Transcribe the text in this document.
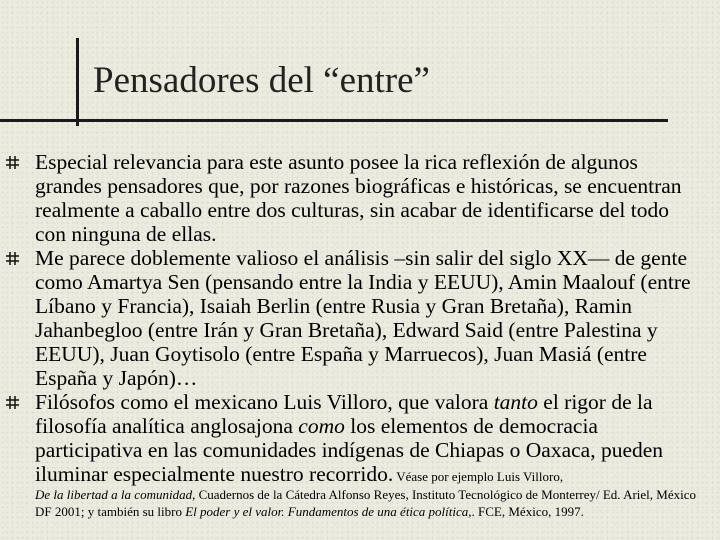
Pensadores del “entre”
Especial relevancia para este asunto posee la rica reflexión de algunos grandes pensadores que, por razones biográficas e históricas, se encuentran realmente a caballo entre dos culturas, sin acabar de identificarse del todo con ninguna de ellas.
Me parece doblemente valioso el análisis –sin salir del siglo XX— de gente como Amartya Sen (pensando entre la India y EEUU), Amin Maalouf (entre Líbano y Francia), Isaiah Berlin (entre Rusia y Gran Bretaña), Ramin Jahanbegloo (entre Irán y Gran Bretaña), Edward Said (entre Palestina y EEUU), Juan Goytisolo (entre España y Marruecos), Juan Masiá (entre España y Japón)…
Filósofos como el mexicano Luis Villoro, que valora tanto el rigor de la filosofía analítica anglosajona como los elementos de democracia participativa en las comunidades indígenas de Chiapas o Oaxaca, pueden iluminar especialmente nuestro recorrido. Véase por ejemplo Luis Villoro,
De la libertad a la comunidad, Cuadernos de la Cátedra Alfonso Reyes, Instituto Tecnológico de Monterrey/ Ed. Ariel, México DF 2001; y también su libro El poder y el valor. Fundamentos de una ética política,. FCE, México, 1997.
